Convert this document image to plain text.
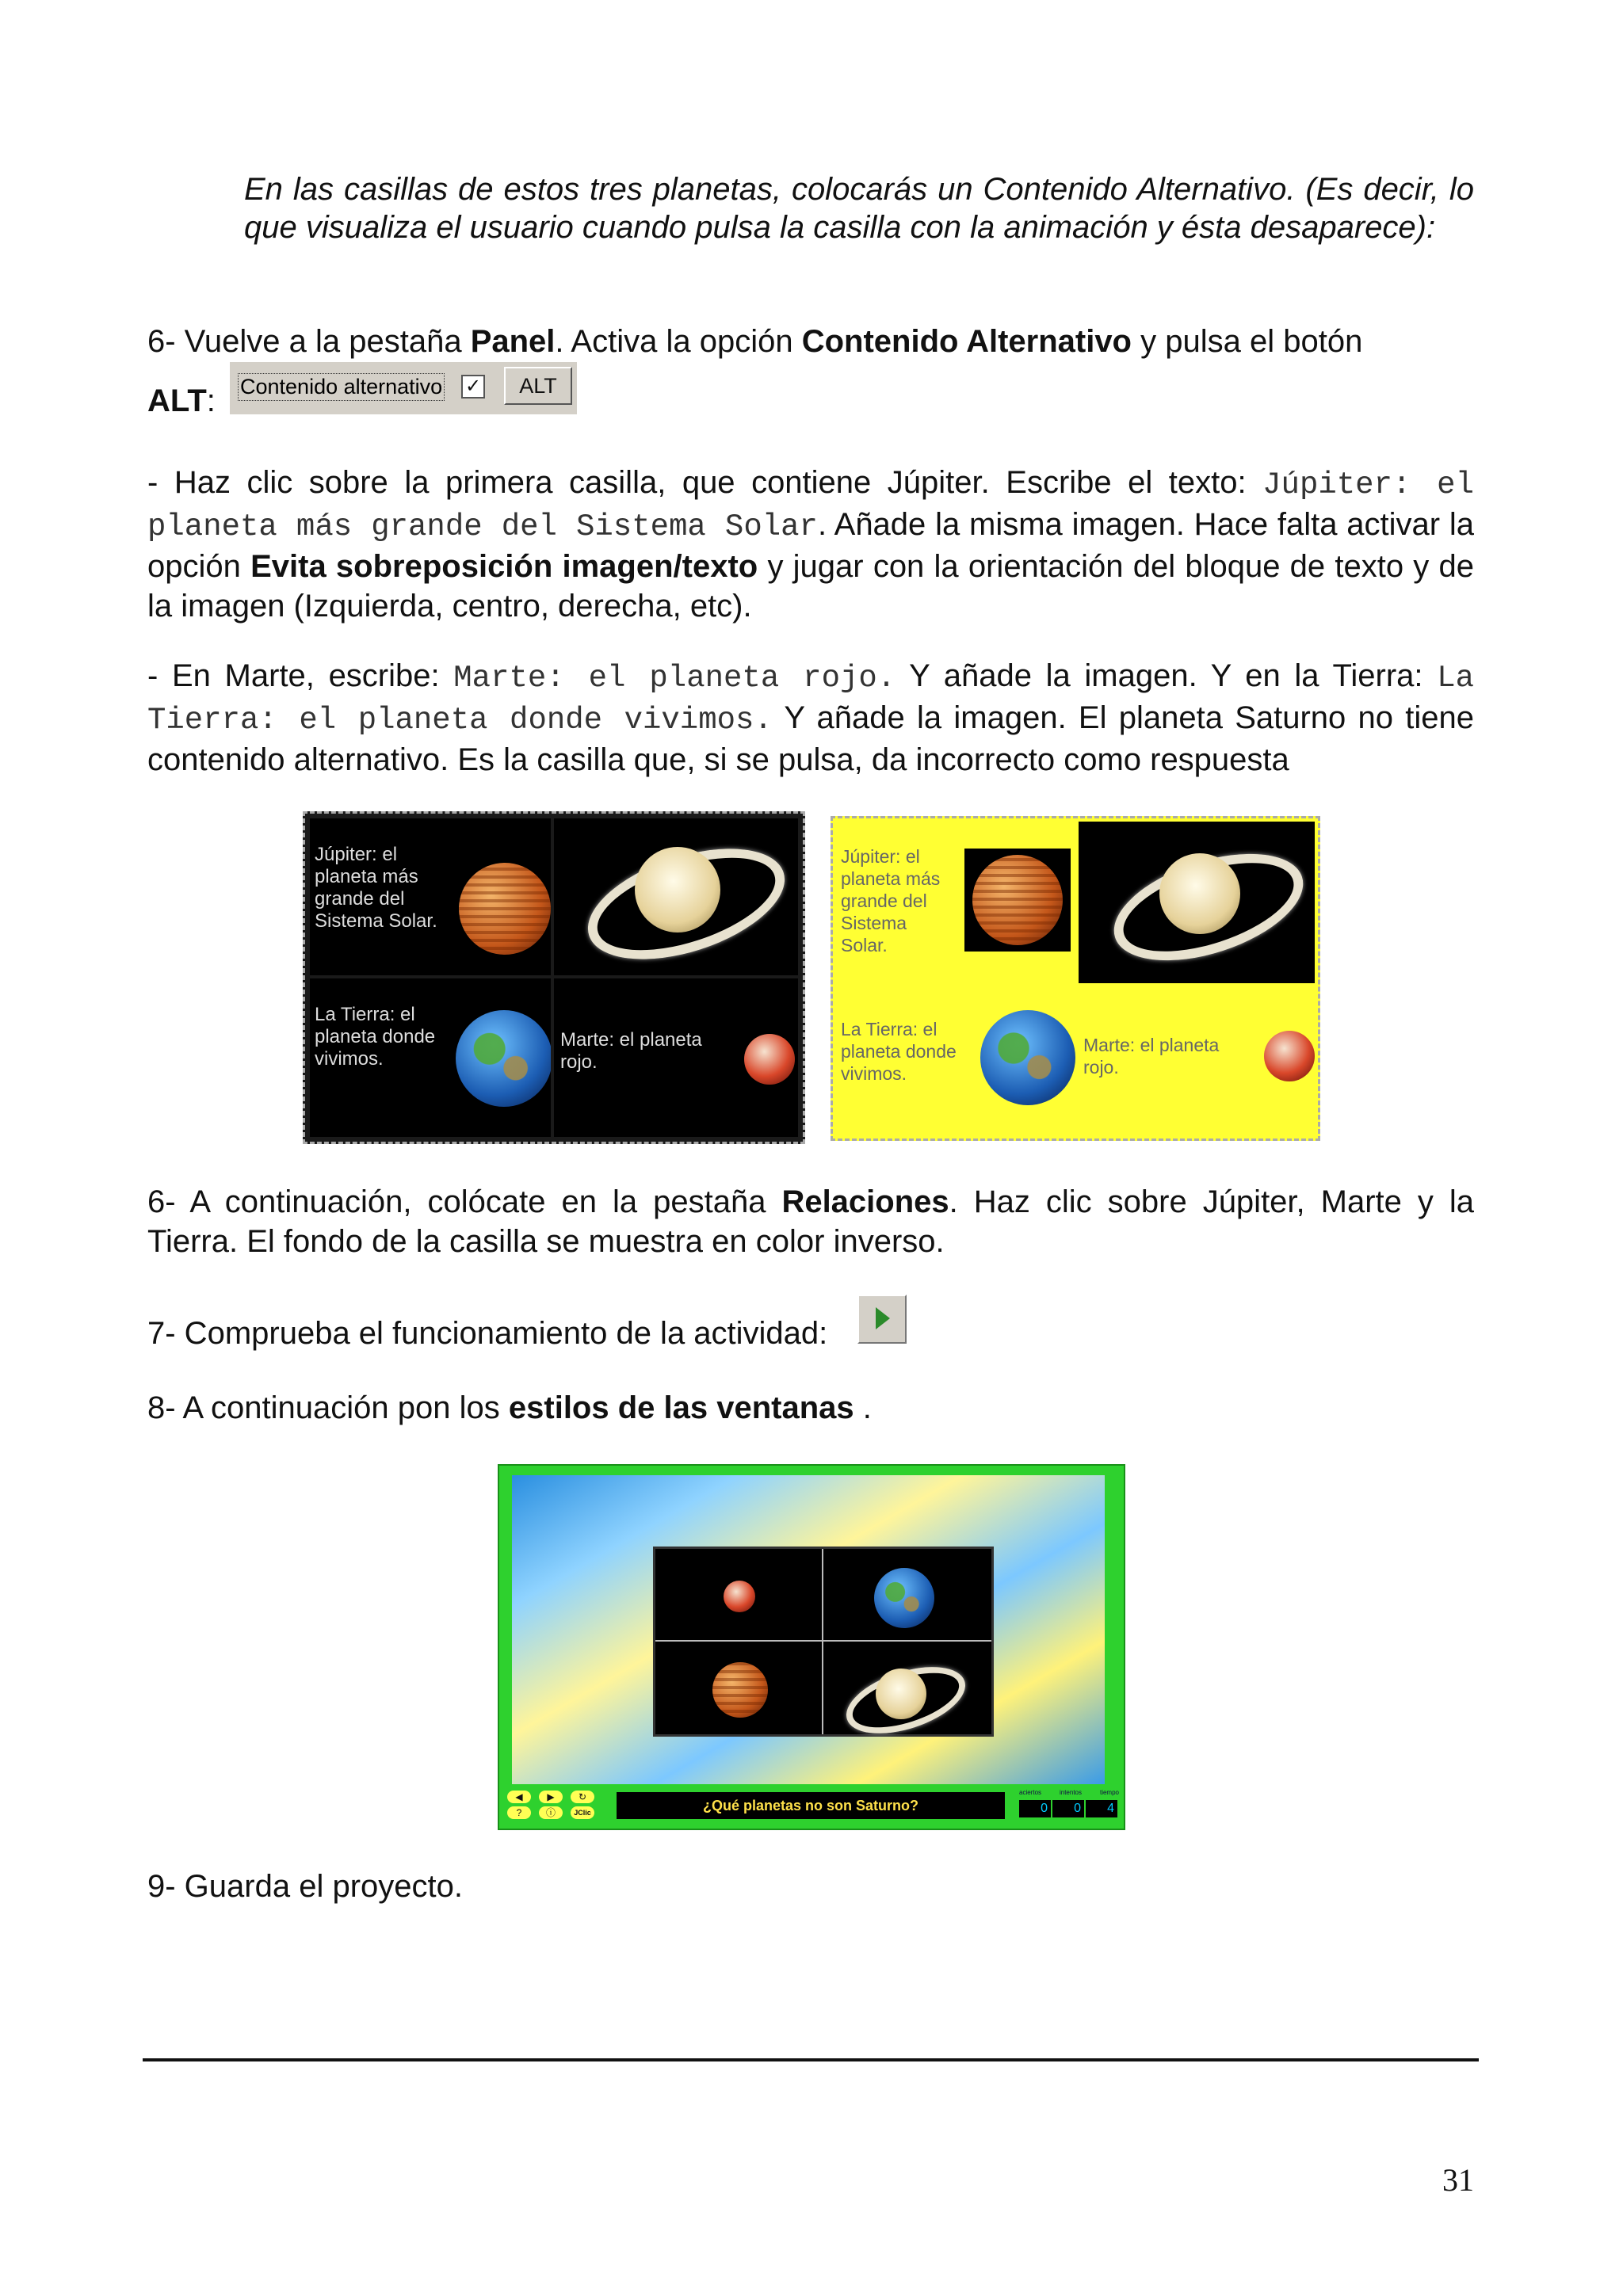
En las casillas de estos tres planetas, colocarás un Contenido Alternativo. (Es decir, lo que visualiza el usuario cuando pulsa la casilla con la animación y ésta desaparece):
6- Vuelve a la pestaña Panel. Activa la opción Contenido Alternativo y pulsa el botón
ALT: Contenido alternativo ✓	ALT
- Haz clic sobre la primera casilla, que contiene Júpiter. Escribe el texto: Júpiter: el planeta más grande del Sistema Solar. Añade la misma imagen. Hace falta activar la opción Evita sobreposición imagen/texto y jugar con la orientación del bloque de texto y de la imagen (Izquierda, centro, derecha, etc).
- En Marte, escribe: Marte: el planeta rojo. Y añade la imagen. Y en la Tierra: La Tierra: el planeta donde vivimos. Y añade la imagen. El planeta Saturno no tiene contenido alternativo. Es la casilla que, si se pulsa, da incorrecto como respuesta
Júpiter: el planeta más grande del Sistema Solar.
La Tierra: el planeta donde vivimos.
Marte: el planeta rojo.
Júpiter: el planeta más grande del Sistema Solar.
La Tierra: el planeta donde vivimos.
Marte: el planeta rojo.
6- A continuación, colócate en la pestaña Relaciones. Haz clic sobre Júpiter, Marte y la Tierra. El fondo de la casilla se muestra en color inverso.
7- Comprueba el funcionamiento de la actividad:
8- A continuación pon los estilos de las ventanas .
◀	▶	↻
?	ⓘ	JClic	¿Qué planetas no son Saturno?
aciertos	intentos	tiempo
0	0	4
9- Guarda el proyecto.
31
